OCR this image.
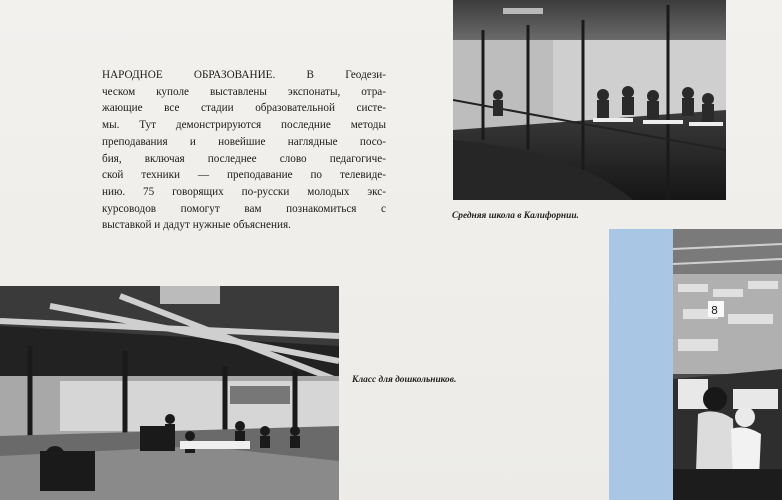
НАРОДНОЕ ОБРАЗОВАНИЕ. В Геодези-
ческом куполе выставлены экспонаты, отра-
жающие все стадии образовательной систе-
мы. Тут демонстрируются последние методы
преподавания и новейшие наглядные посо-
бия, включая последнее слово педагогиче-
ской техники — преподавание по телевиде-
нию. 75 говорящих по-русски молодых экс-
курсоводов помогут вам познакомиться с
выставкой и дадут нужные объяснения.
Средняя школа в Калифорнии.
Класс для дошкольников.
8
